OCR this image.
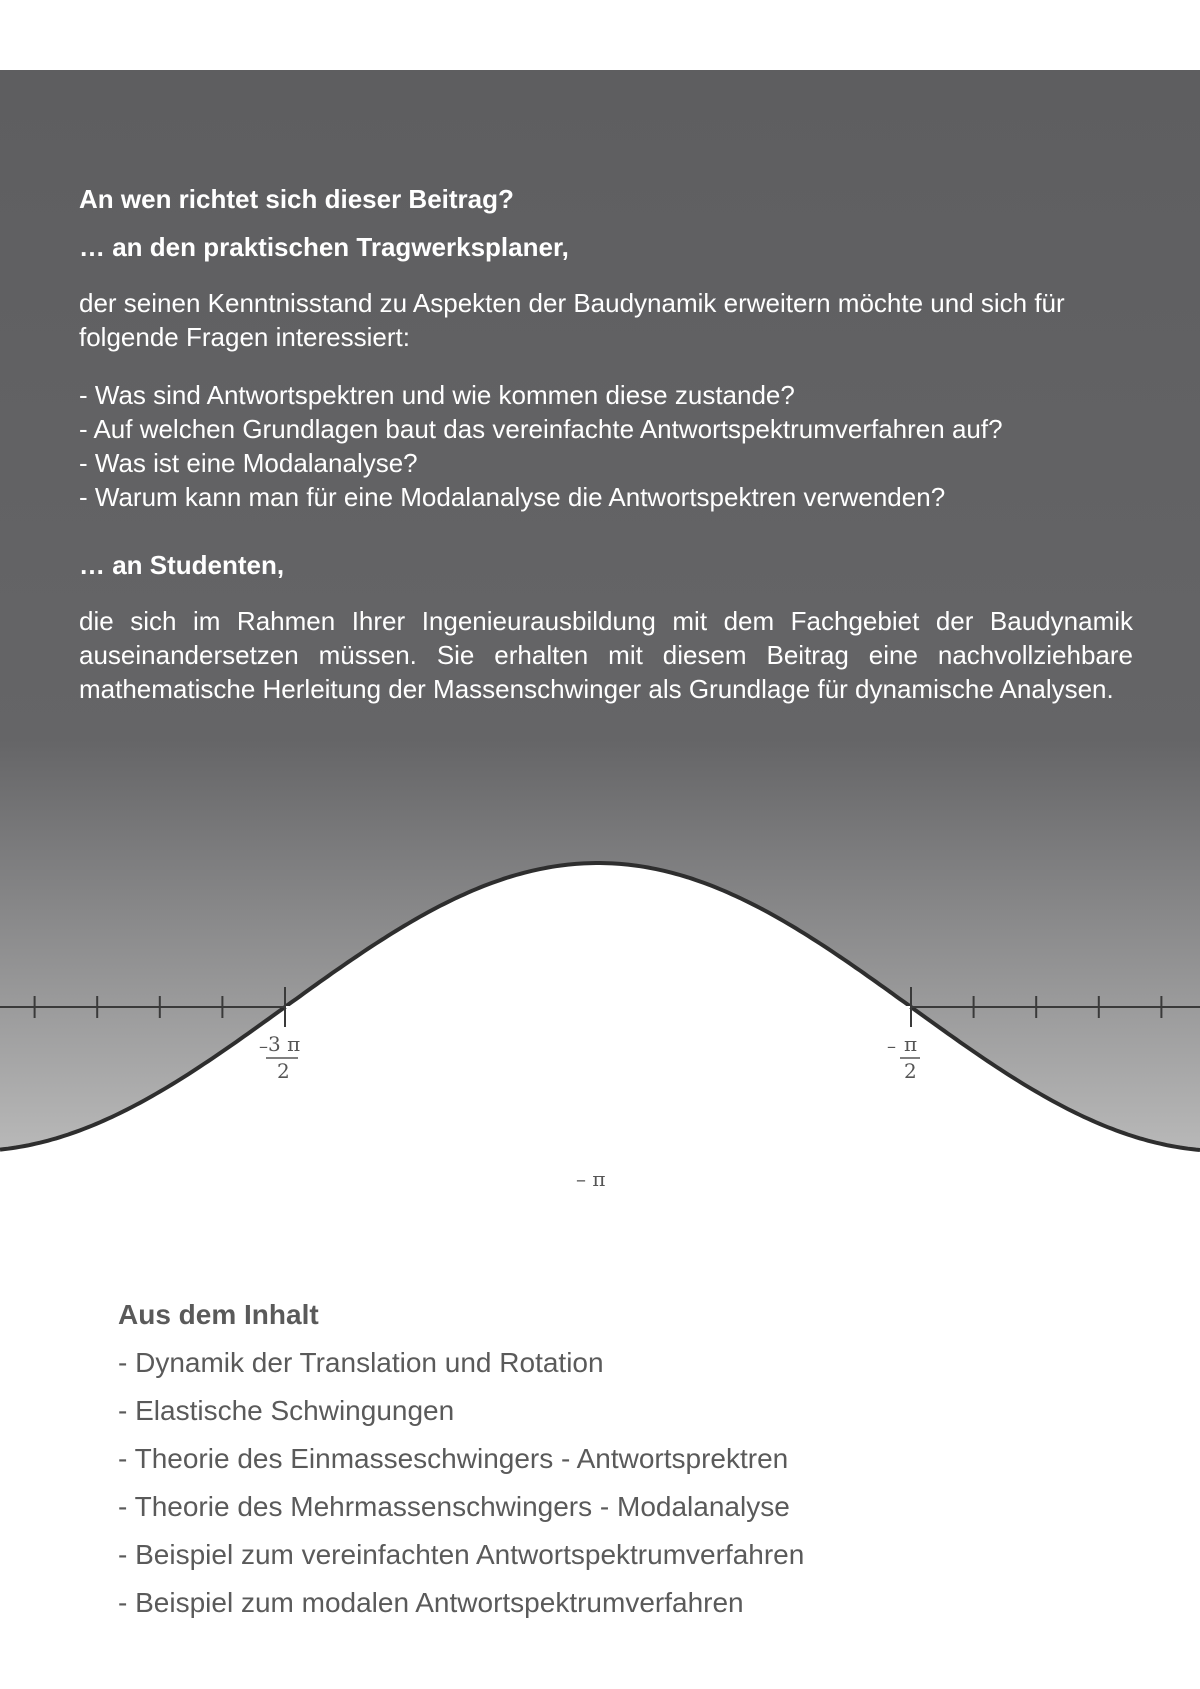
– 3 π 2
– π 2
– π

An wen richtet sich dieser Beitrag?

… an den praktischen Tragwerksplaner,

der seinen Kenntnisstand zu Aspekten der Baudynamik erweitern möchte und sich für folgende Fragen interessiert:

- Was sind Antwortspektren und wie kommen diese zustande?
- Auf welchen Grundlagen baut das vereinfachte Antwortspektrumverfahren auf?
- Was ist eine Modalanalyse?
- Warum kann man für eine Modalanalyse die Antwortspektren verwenden?

… an Studenten,

die sich im Rahmen Ihrer Ingenieurausbildung mit dem Fachgebiet der Baudynamik auseinandersetzen müssen. Sie erhalten mit diesem Beitrag eine nachvollziehbare mathematische Herleitung der Massenschwinger als Grundlage für dynamische Analysen.

Aus dem Inhalt

- Dynamik der Translation und Rotation
- Elastische Schwingungen
- Theorie des Einmasseschwingers - Antwortsprektren
- Theorie des Mehrmassenschwingers - Modalanalyse
- Beispiel zum vereinfachten Antwortspektrumverfahren
- Beispiel zum modalen Antwortspektrumverfahren
